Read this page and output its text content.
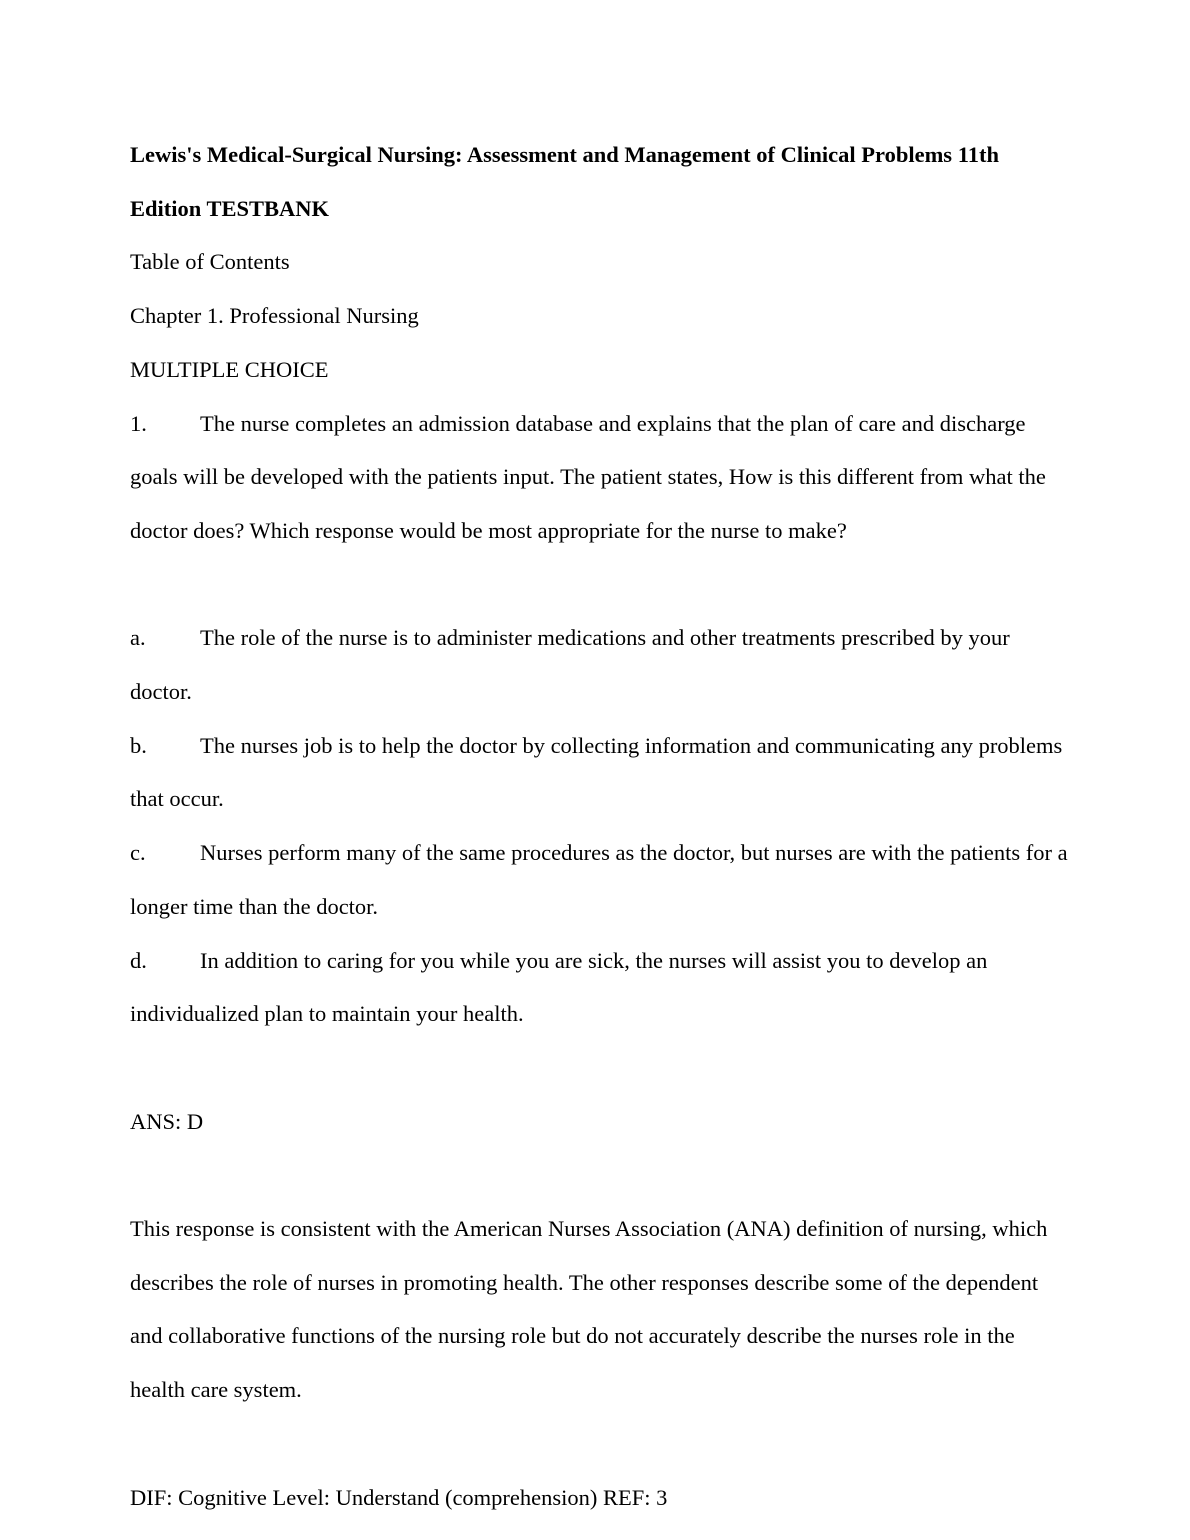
Lewis's Medical-Surgical Nursing: Assessment and Management of Clinical Problems 11th Edition TESTBANK

Table of Contents

Chapter 1. Professional Nursing

MULTIPLE CHOICE

1. The nurse completes an admission database and explains that the plan of care and discharge goals will be developed with the patients input. The patient states, How is this different from what the doctor does? Which response would be most appropriate for the nurse to make?

a. The role of the nurse is to administer medications and other treatments prescribed by your doctor.

b. The nurses job is to help the doctor by collecting information and communicating any problems that occur.

c. Nurses perform many of the same procedures as the doctor, but nurses are with the patients for a longer time than the doctor.

d. In addition to caring for you while you are sick, the nurses will assist you to develop an individualized plan to maintain your health.

ANS: D

This response is consistent with the American Nurses Association (ANA) definition of nursing, which describes the role of nurses in promoting health. The other responses describe some of the dependent and collaborative functions of the nursing role but do not accurately describe the nurses role in the health care system.

DIF: Cognitive Level: Understand (comprehension) REF: 3
